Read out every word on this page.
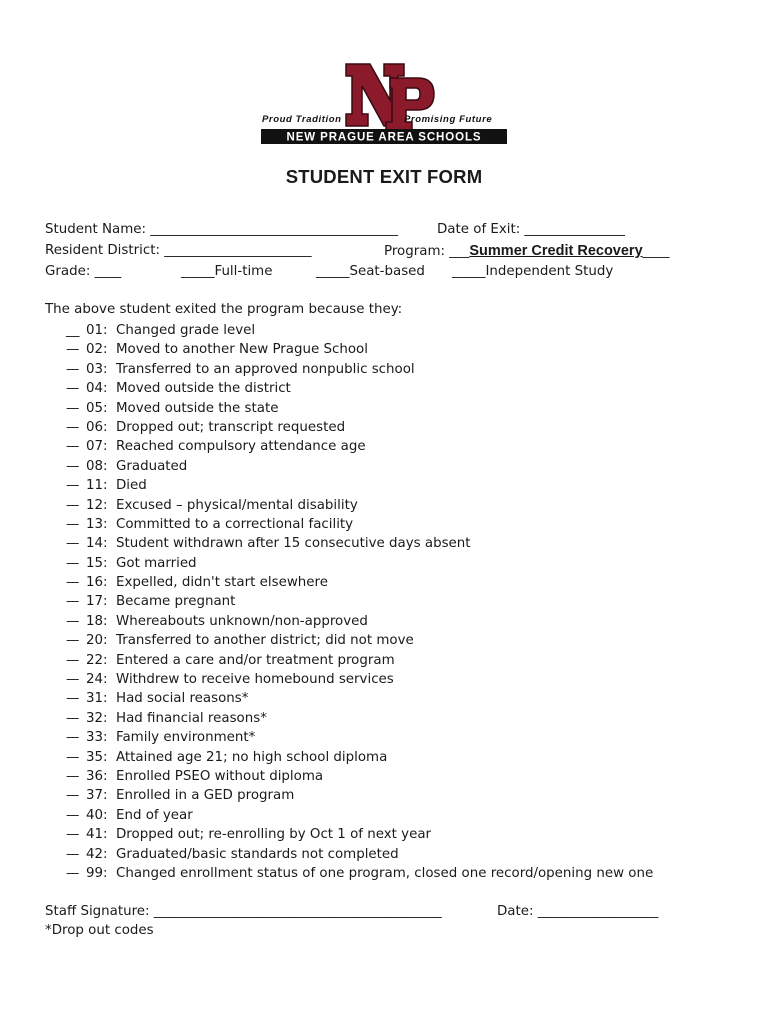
Proud Tradition	Promising Future
NEW PRAGUE AREA SCHOOLS
STUDENT EXIT FORM
Student Name: _____________________________________	Date of Exit: _______________
Resident District: ______________________	Program: ___Summer Credit Recovery____
Grade: ____	_____Full-time	_____Seat-based _____Independent Study
The above student exited the program because they:
__ 01: Changed grade level
— 02: Moved to another New Prague School
— 03: Transferred to an approved nonpublic school
— 04: Moved outside the district
— 05: Moved outside the state
— 06: Dropped out; transcript requested
— 07: Reached compulsory attendance age
— 08: Graduated
— 11: Died
— 12: Excused – physical/mental disability
— 13: Committed to a correctional facility
— 14: Student withdrawn after 15 consecutive days absent
— 15: Got married
— 16: Expelled, didn't start elsewhere
— 17: Became pregnant
— 18: Whereabouts unknown/non-approved
— 20: Transferred to another district; did not move
— 22: Entered a care and/or treatment program
— 24: Withdrew to receive homebound services
— 31: Had social reasons*
— 32: Had financial reasons*
— 33: Family environment*
— 35: Attained age 21; no high school diploma
— 36: Enrolled PSEO without diploma
— 37: Enrolled in a GED program
— 40: End of year
— 41: Dropped out; re-enrolling by Oct 1 of next year
— 42: Graduated/basic standards not completed
— 99: Changed enrollment status of one program, closed one record/opening new one
Staff Signature: ___________________________________________	Date: __________________
*Drop out codes
